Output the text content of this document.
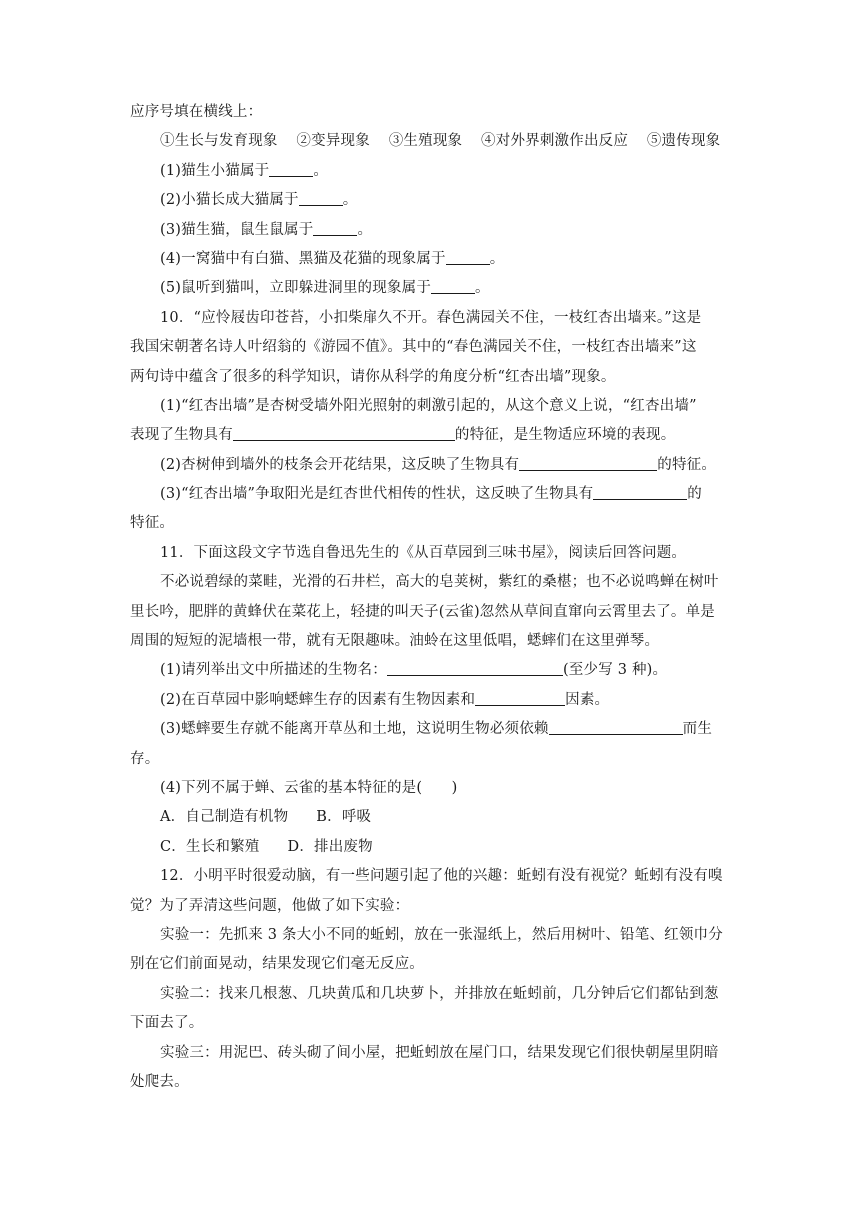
应序号填在横线上：
①生长与发育现象 ②变异现象 ③生殖现象 ④对外界刺激作出反应 ⑤遗传现象
(1)猫生小猫属于	。
(2)小猫长成大猫属于	。
(3)猫生猫，鼠生鼠属于	。
(4)一窝猫中有白猫、黑猫及花猫的现象属于	。
(5)鼠听到猫叫，立即躲进洞里的现象属于	。
10．“应怜屐齿印苍苔，小扣柴扉久不开。春色满园关不住，一枝红杏出墙来。”这是
我国宋朝著名诗人叶绍翁的《游园不值》。其中的“春色满园关不住，一枝红杏出墙来”这
两句诗中蕴含了很多的科学知识，请你从科学的角度分析“红杏出墙”现象。
(1)“红杏出墙”是杏树受墙外阳光照射的刺激引起的，从这个意义上说，“红杏出墙”
表现了生物具有	的特征，是生物适应环境的表现。
(2)杏树伸到墙外的枝条会开花结果，这反映了生物具有	的特征。
(3)“红杏出墙”争取阳光是红杏世代相传的性状，这反映了生物具有	的
特征。
11．下面这段文字节选自鲁迅先生的《从百草园到三味书屋》，阅读后回答问题。
不必说碧绿的菜畦，光滑的石井栏，高大的皂荚树，紫红的桑椹；也不必说鸣蝉在树叶
里长吟，肥胖的黄蜂伏在菜花上，轻捷的叫天子(云雀)忽然从草间直窜向云霄里去了。单是
周围的短短的泥墙根一带，就有无限趣味。油蛉在这里低唱，蟋蟀们在这里弹琴。
(1)请列举出文中所描述的生物名：	(至少写 3 种)。
(2)在百草园中影响蟋蟀生存的因素有生物因素和	因素。
(3)蟋蟀要生存就不能离开草丛和土地，这说明生物必须依赖	而生
存。
(4)下列不属于蝉、云雀的基本特征的是(　　)
A．自己制造有机物 B．呼吸
C．生长和繁殖 D．排出废物
12．小明平时很爱动脑，有一些问题引起了他的兴趣：蚯蚓有没有视觉？蚯蚓有没有嗅
觉？为了弄清这些问题，他做了如下实验：
实验一：先抓来 3 条大小不同的蚯蚓，放在一张湿纸上，然后用树叶、铅笔、红领巾分
别在它们前面晃动，结果发现它们毫无反应。
实验二：找来几根葱、几块黄瓜和几块萝卜，并排放在蚯蚓前，几分钟后它们都钻到葱
下面去了。
实验三：用泥巴、砖头砌了间小屋，把蚯蚓放在屋门口，结果发现它们很快朝屋里阴暗
处爬去。
